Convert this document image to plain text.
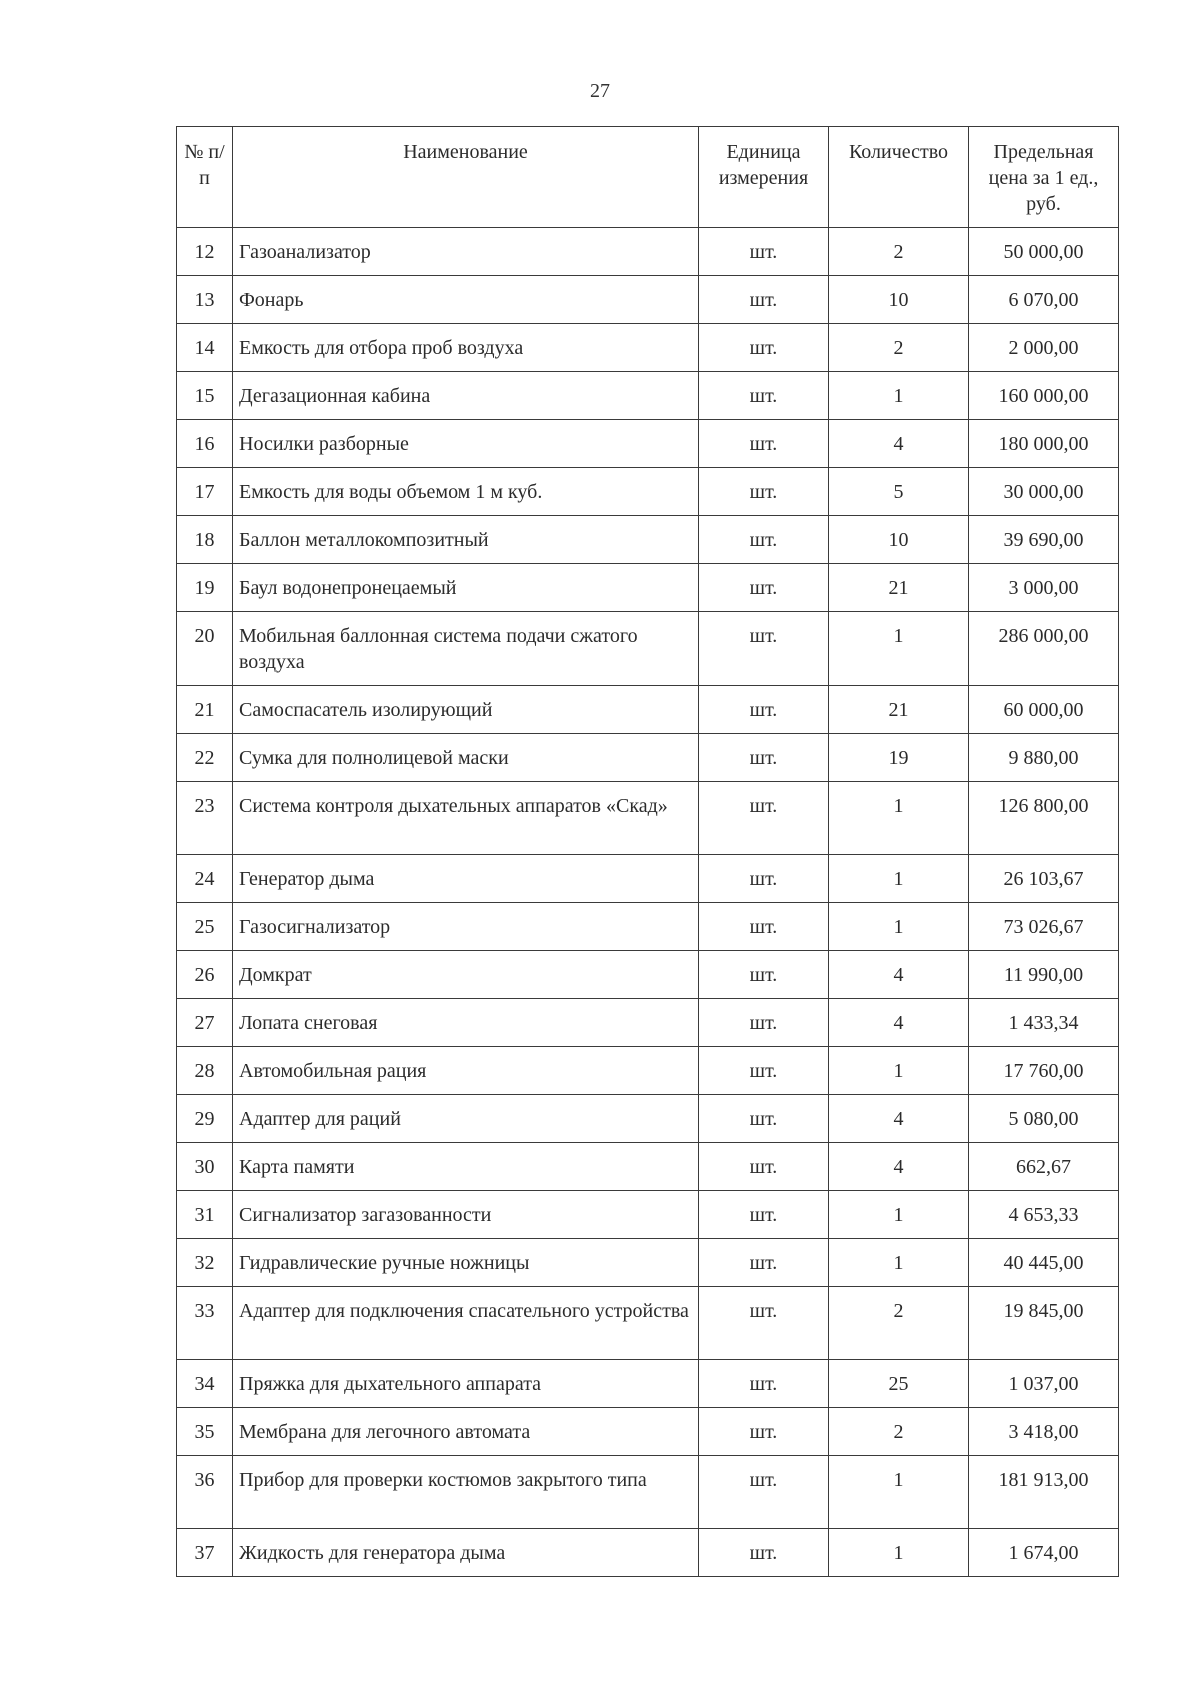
27
№ п/п	Наименование	Единица измерения	Количество	Предельная цена за 1 ед., руб.
12	Газоанализатор	шт.	2	50 000,00
13	Фонарь	шт.	10	6 070,00
14	Емкость для отбора проб воздуха	шт.	2	2 000,00
15	Дегазационная кабина	шт.	1	160 000,00
16	Носилки разборные	шт.	4	180 000,00
17	Емкость для воды объемом 1 м куб.	шт.	5	30 000,00
18	Баллон металлокомпозитный	шт.	10	39 690,00
19	Баул водонепронецаемый	шт.	21	3 000,00
20	Мобильная баллонная система подачи сжатого воздуха	шт.	1	286 000,00
21	Самоспасатель изолирующий	шт.	21	60 000,00
22	Сумка для полнолицевой маски	шт.	19	9 880,00
23	Система контроля дыхательных аппаратов «Скад»	шт.	1	126 800,00
24	Генератор дыма	шт.	1	26 103,67
25	Газосигнализатор	шт.	1	73 026,67
26	Домкрат	шт.	4	11 990,00
27	Лопата снеговая	шт.	4	1 433,34
28	Автомобильная рация	шт.	1	17 760,00
29	Адаптер для раций	шт.	4	5 080,00
30	Карта памяти	шт.	4	662,67
31	Сигнализатор загазованности	шт.	1	4 653,33
32	Гидравлические ручные ножницы	шт.	1	40 445,00
33	Адаптер для подключения спасательного устройства	шт.	2	19 845,00
34	Пряжка для дыхательного аппарата	шт.	25	1 037,00
35	Мембрана для легочного автомата	шт.	2	3 418,00
36	Прибор для проверки костюмов закрытого типа	шт.	1	181 913,00
37	Жидкость для генератора дыма	шт.	1	1 674,00
